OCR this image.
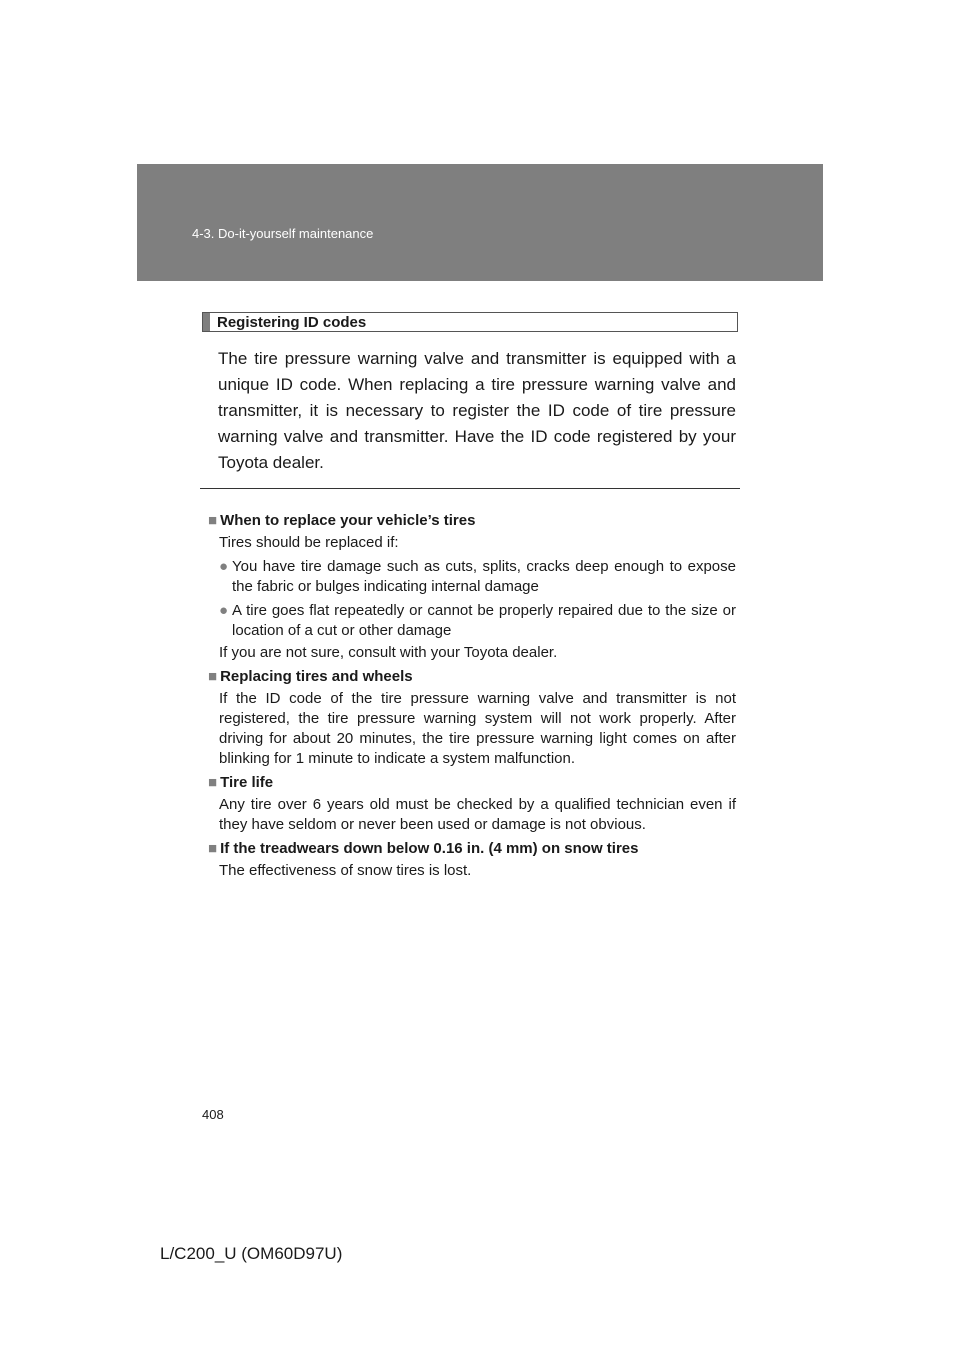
4-3. Do-it-yourself maintenance
Registering ID codes
The tire pressure warning valve and transmitter is equipped with a unique ID code. When replacing a tire pressure warning valve and transmitter, it is necessary to register the ID code of tire pressure warning valve and transmitter. Have the ID code registered by your Toyota dealer.
■ When to replace your vehicle’s tires
Tires should be replaced if:
● You have tire damage such as cuts, splits, cracks deep enough to expose the fabric or bulges indicating internal damage
● A tire goes flat repeatedly or cannot be properly repaired due to the size or location of a cut or other damage
If you are not sure, consult with your Toyota dealer.
■ Replacing tires and wheels
If the ID code of the tire pressure warning valve and transmitter is not registered, the tire pressure warning system will not work properly. After driving for about 20 minutes, the tire pressure warning light comes on after blinking for 1 minute to indicate a system malfunction.
■ Tire life
Any tire over 6 years old must be checked by a qualified technician even if they have seldom or never been used or damage is not obvious.
■ If the treadwears down below 0.16 in. (4 mm) on snow tires
The effectiveness of snow tires is lost.
408
L/C200_U (OM60D97U)
